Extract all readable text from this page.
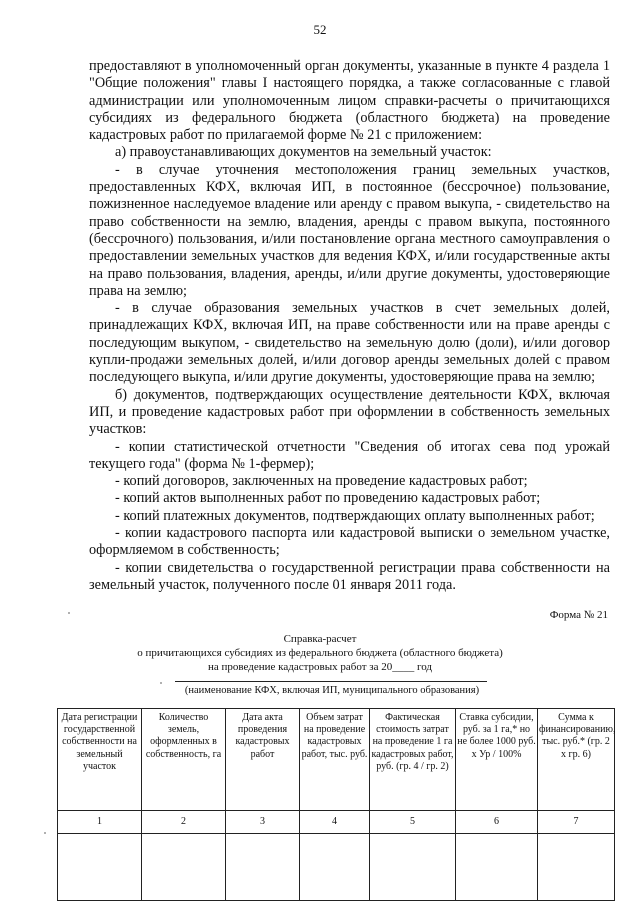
52

предоставляют в уполномоченный орган документы, указанные в пункте 4 раздела 1 "Общие положения" главы I настоящего порядка, а также согласованные с главой администрации или уполномоченным лицом справки-расчеты о причитающихся субсидиях из федерального бюджета (областного бюджета) на проведение кадастровых работ по прилагаемой форме № 21 с приложением:

а) правоустанавливающих документов на земельный участок:

- в случае уточнения местоположения границ земельных участков, предоставленных КФХ, включая ИП, в постоянное (бессрочное) пользование, пожизненное наследуемое владение или аренду с правом выкупа, - свидетельство на право собственности на землю, владения, аренды с правом выкупа, постоянного (бессрочного) пользования, и/или постановление органа местного самоуправления о предоставлении земельных участков для ведения КФХ, и/или государственные акты на право пользования, владения, аренды, и/или другие документы, удостоверяющие права на землю;

- в случае образования земельных участков в счет земельных долей, принадлежащих КФХ, включая ИП, на праве собственности или на праве аренды с последующим выкупом, - свидетельство на земельную долю (доли), и/или договор купли-продажи земельных долей, и/или договор аренды земельных долей с правом последующего выкупа, и/или другие документы, удостоверяющие права на землю;

б) документов, подтверждающих осуществление деятельности КФХ, включая ИП, и проведение кадастровых работ при оформлении в собственность земельных участков:

- копии статистической отчетности "Сведения об итогах сева под урожай текущего года" (форма № 1-фермер);

- копий договоров, заключенных на проведение кадастровых работ;

- копий актов выполненных работ по проведению кадастровых работ;

- копий платежных документов, подтверждающих оплату выполненных работ;

- копии кадастрового паспорта или кадастровой выписки о земельном участке, оформляемом в собственность;

- копии свидетельства о государственной регистрации права собственности на земельный участок, полученного после 01 января 2011 года.

Форма № 21
Справка-расчет
о причитающихся субсидиях из федерального бюджета (областного бюджета)
на проведение кадастровых работ за 20____ год
(наименование КФХ, включая ИП, муниципального образования)
Дата регистрации государственной собственности на земельный участок	Количество земель, оформленных в собственность, га	Дата акта проведения кадастровых работ	Объем затрат на проведение кадастровых работ, тыс. руб.	Фактическая стоимость затрат на проведение 1 га кадастровых работ, руб. (гр. 4 / гр. 2)	Ставка субсидии, руб. за 1 га,* но не более 1000 руб. х Ур / 100%	Сумма к финансированию, тыс. руб.* (гр. 2 х гр. 6)
1	2	3	4	5	6	7
